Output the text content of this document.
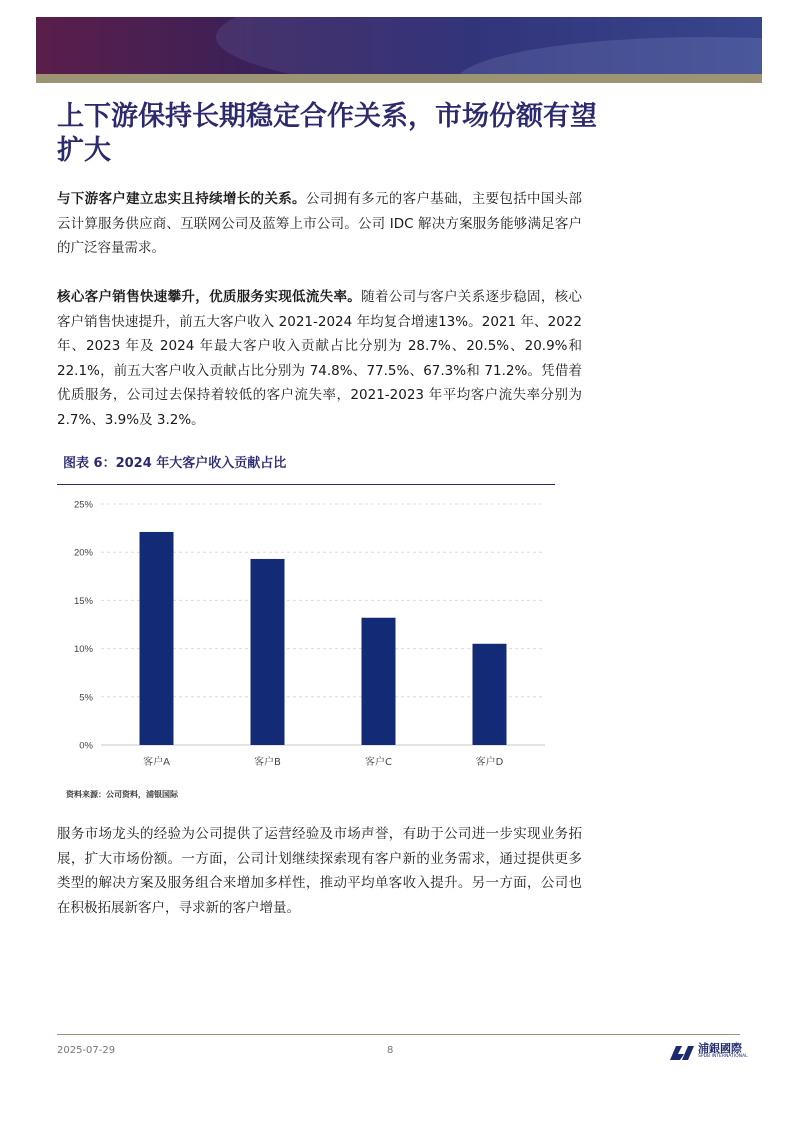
上下游保持长期稳定合作关系，市场份额有望扩大
与下游客户建立忠实且持续增长的关系。公司拥有多元的客户基础，主要包括中国头部云计算服务供应商、互联网公司及蓝筹上市公司。公司 IDC 解决方案服务能够满足客户的广泛容量需求。
核心客户销售快速攀升，优质服务实现低流失率。随着公司与客户关系逐步稳固，核心客户销售快速提升，前五大客户收入 2021-2024 年均复合增速13%。2021 年、2022 年、2023 年及 2024 年最大客户收入贡献占比分别为 28.7%、20.5%、20.9%和 22.1%，前五大客户收入贡献占比分别为 74.8%、77.5%、67.3%和 71.2%。凭借着优质服务，公司过去保持着较低的客户流失率，2021-2023 年平均客户流失率分别为 2.7%、3.9%及 3.2%。
图表 6：2024 年大客户收入贡献占比
0%
5%
10%
15%
20%
25%
客户A	客户B	客户C	客户D
资料来源：公司资料，浦银国际
服务市场龙头的经验为公司提供了运营经验及市场声誉，有助于公司进一步实现业务拓展，扩大市场份额。一方面，公司计划继续探索现有客户新的业务需求，通过提供更多类型的解决方案及服务组合来增加多样性，推动平均单客收入提升。另一方面，公司也在积极拓展新客户，寻求新的客户增量。
2025-07-29	8	浦銀國際
SPDB INTERNATIONAL
